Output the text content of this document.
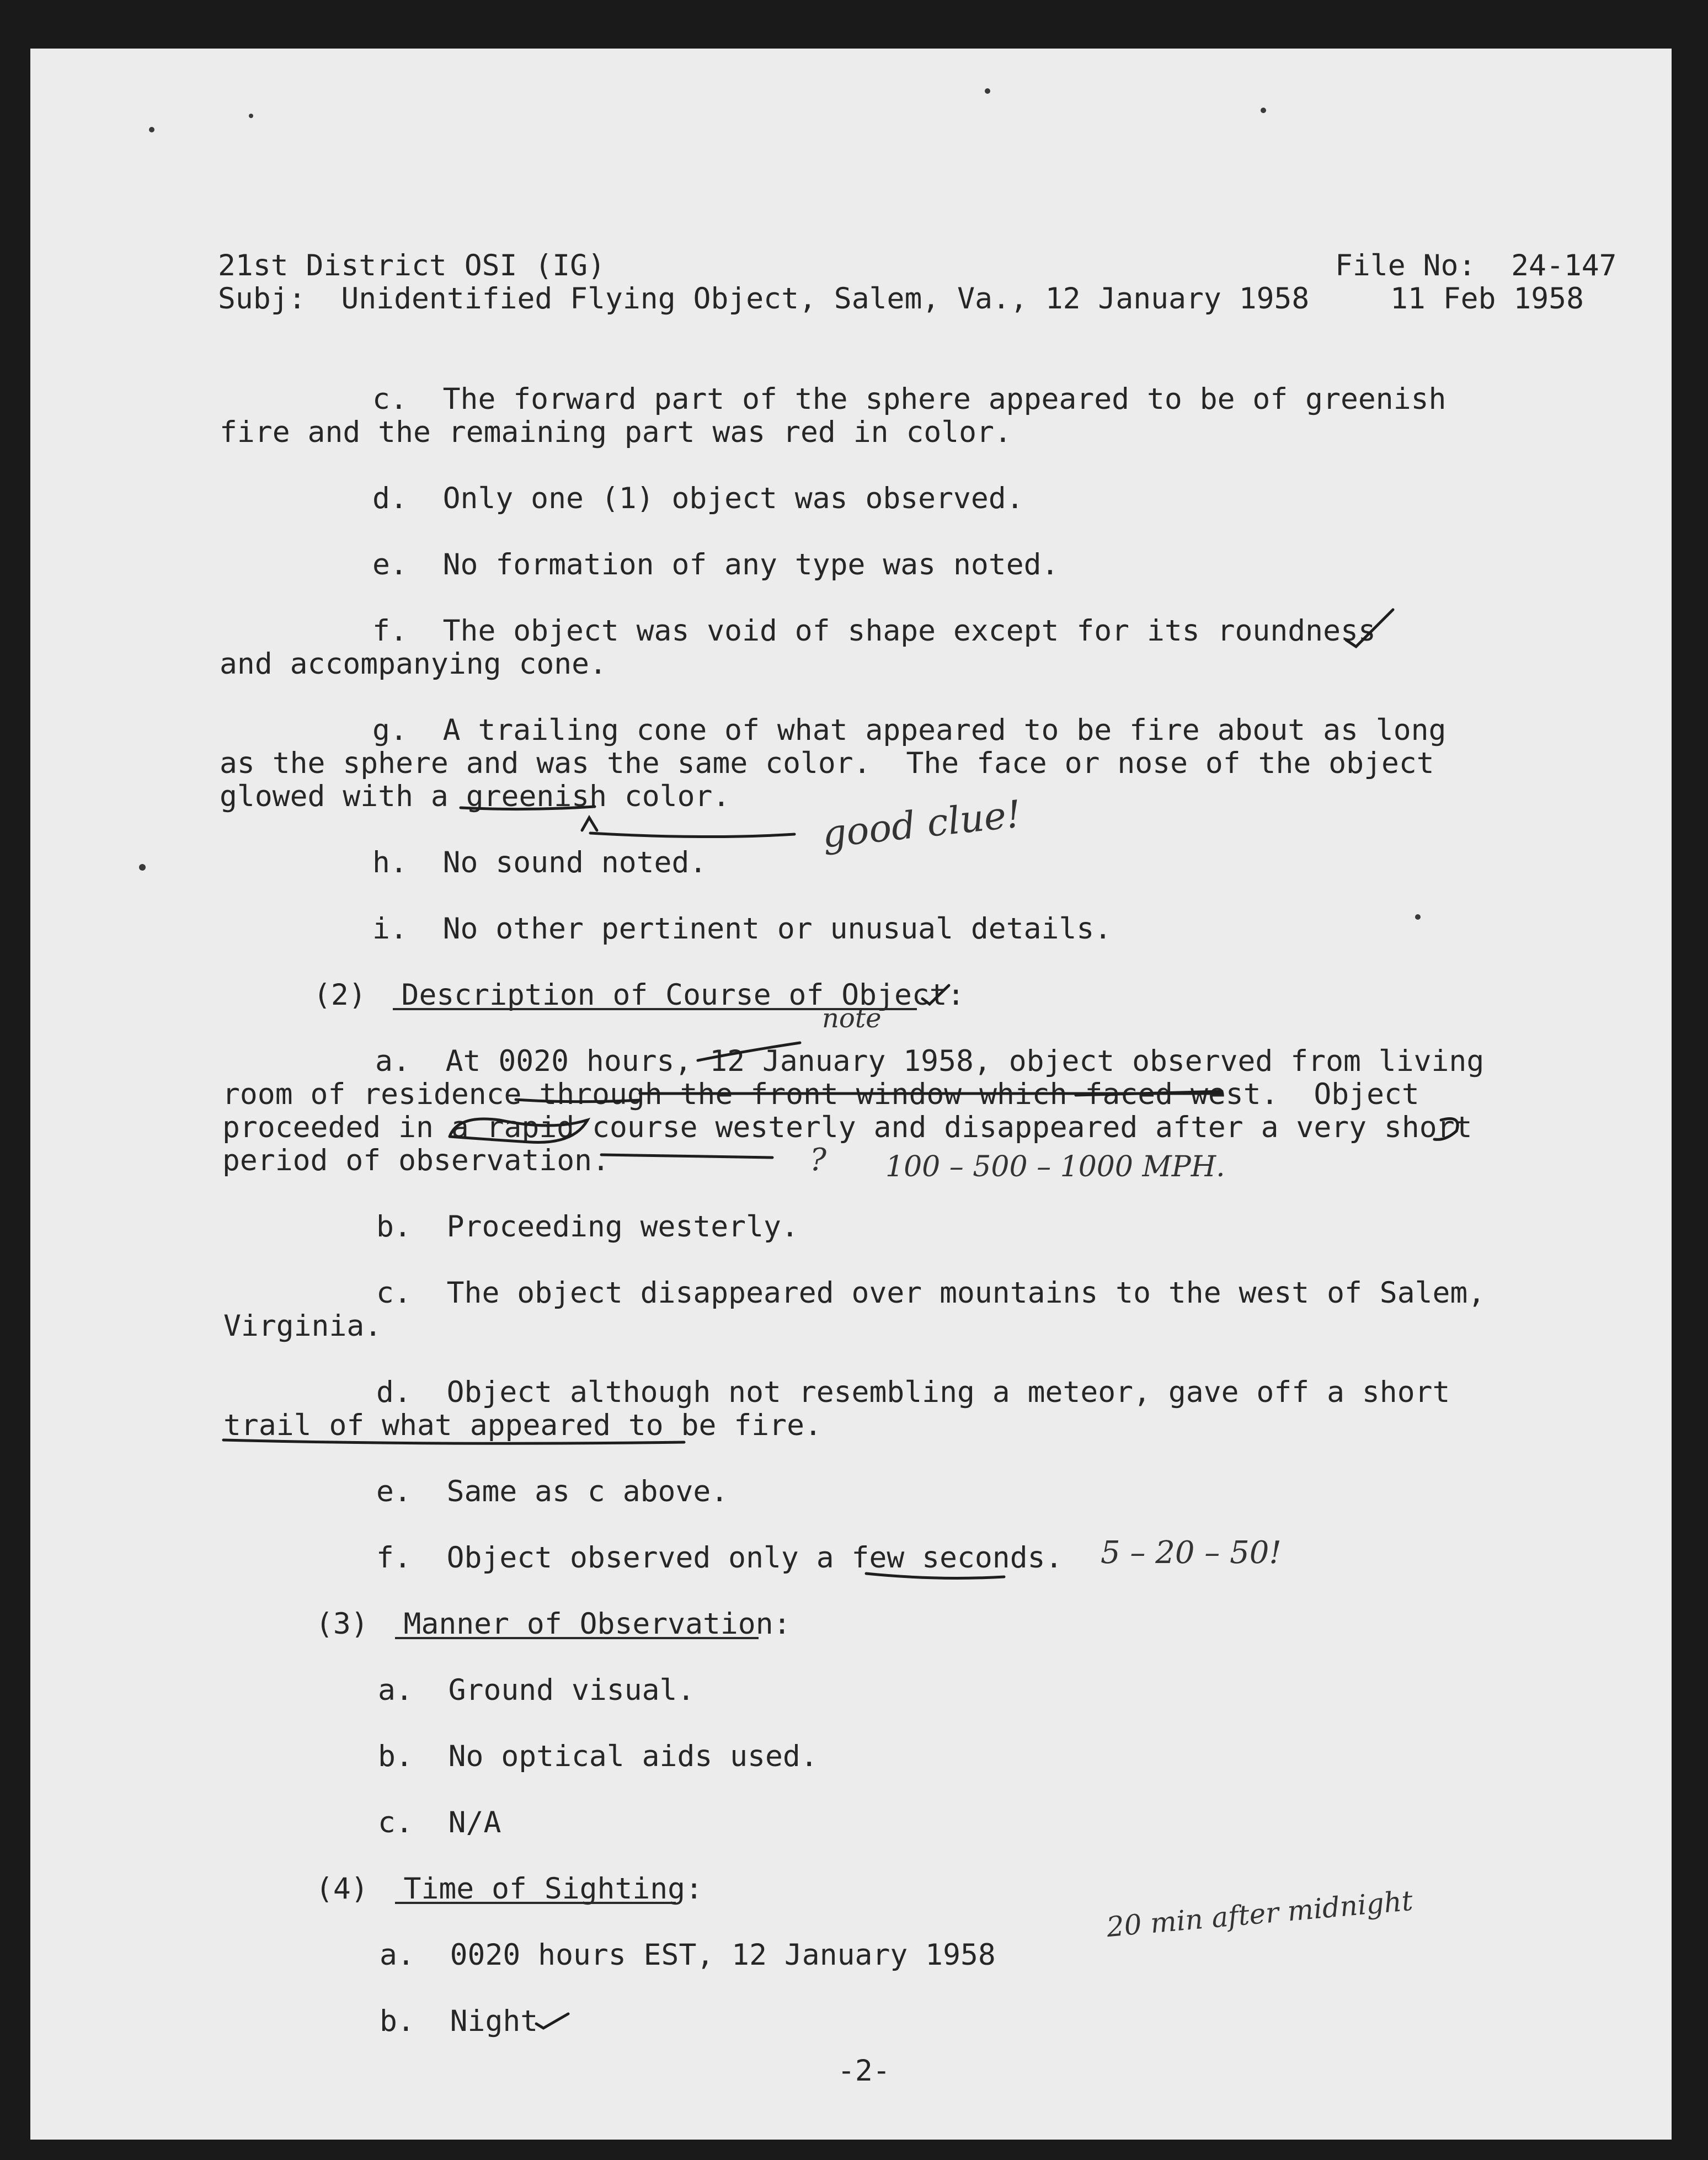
21st District OSI (IG)	File No:  24-147

Subj:  Unidentified Flying Object, Salem, Va., 12 January 1958	11 Feb 1958

c.  The forward part of the sphere appeared to be of greenish

fire and the remaining part was red in color.

d.  Only one (1) object was observed.

e.  No formation of any type was noted.

f.  The object was void of shape except for its roundness

and accompanying cone.

g.  A trailing cone of what appeared to be fire about as long

as the sphere and was the same color.  The face or nose of the object

glowed with a greenish color.

h.  No sound noted.

i.  No other pertinent or unusual details.

(2)  Description of Course of Object:

a.  At 0020 hours, 12 January 1958, object observed from living

room of residence through the front window which faced west.  Object

proceeded in a rapid course westerly and disappeared after a very short

period of observation.

b.  Proceeding westerly.

c.  The object disappeared over mountains to the west of Salem,

Virginia.

d.  Object although not resembling a meteor, gave off a short

trail of what appeared to be fire.

e.  Same as c above.

f.  Object observed only a few seconds.

(3)  Manner of Observation:

a.  Ground visual.

b.  No optical aids used.

c.  N/A

(4)  Time of Sighting:

a.  0020 hours EST, 12 January 1958

b.  Night

-2-

good clue!

note

? 100 – 500 – 1000 MPH.

5 – 20 – 50!

20 min after midnight
